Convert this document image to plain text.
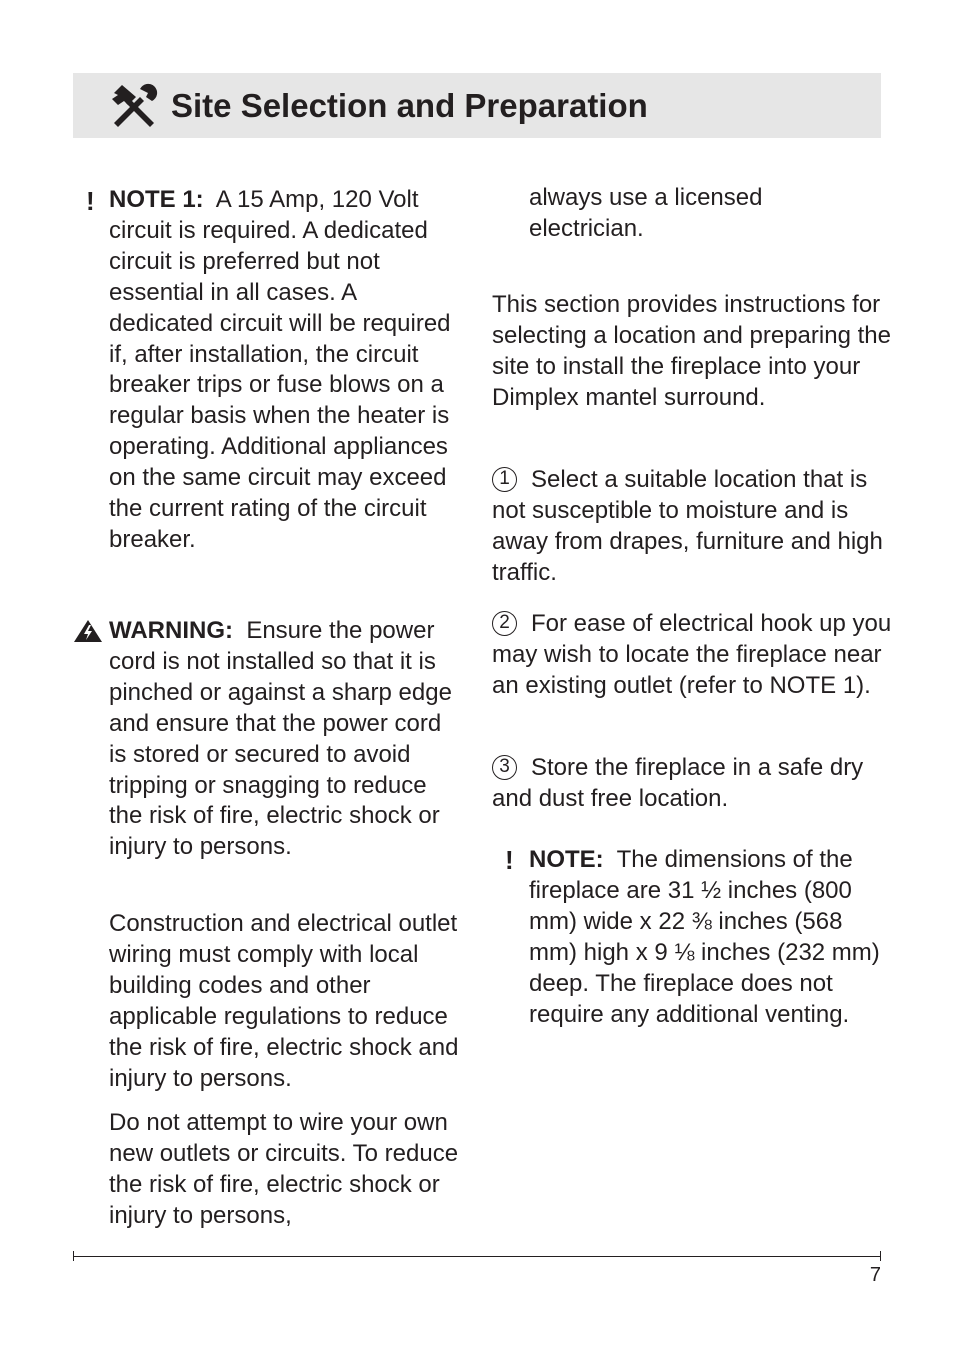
Site Selection and Preparation
! NOTE 1: A 15 Amp, 120 Volt circuit is required. A dedicated circuit is preferred but not essential in all cases. A dedicated circuit will be required if, after installation, the circuit breaker trips or fuse blows on a regular basis when the heater is operating. Additional appliances on the same circuit may exceed the current rating of the circuit breaker.

WARNING: Ensure the power cord is not installed so that it is pinched or against a sharp edge and ensure that the power cord is stored or secured to avoid tripping or snagging to reduce the risk of fire, electric shock or injury to persons.

Construction and electrical outlet wiring must comply with local building codes and other applicable regulations to reduce the risk of fire, electric shock and injury to persons.

Do not attempt to wire your own new outlets or circuits. To reduce the risk of fire, electric shock or injury to persons,

always use a licensed electrician.

This section provides instructions for selecting a location and preparing the site to install the fireplace into your Dimplex mantel surround.

1 Select a suitable location that is not susceptible to moisture and is away from drapes, furniture and high traffic.

2 For ease of electrical hook up you may wish to locate the fireplace near an existing outlet (refer to NOTE 1).

3 Store the fireplace in a safe dry and dust free location.

! NOTE: The dimensions of the fireplace are 31 ½ inches (800 mm) wide x 22 ⅜ inches (568 mm) high x 9 ⅛ inches (232 mm) deep. The fireplace does not require any additional venting.

7
